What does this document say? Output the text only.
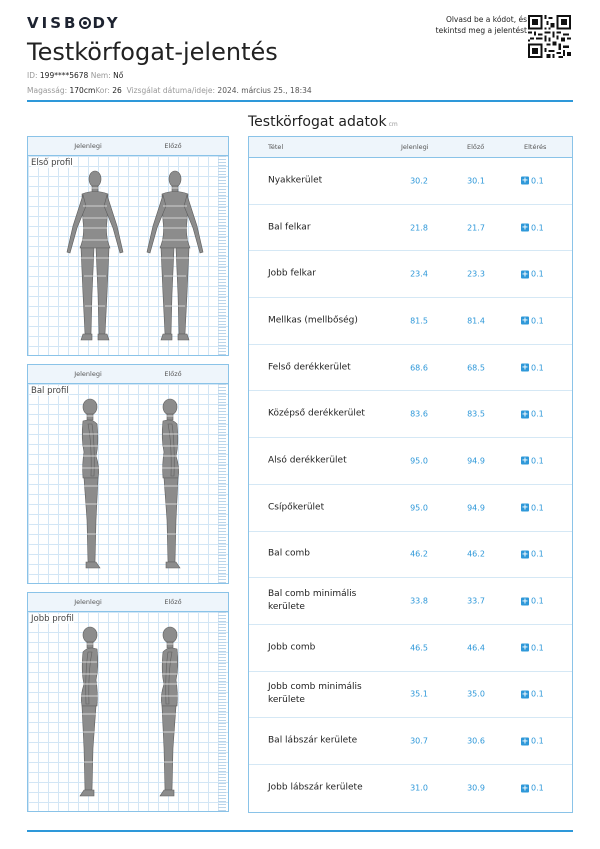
VISB DY
Testkörfogat-jelentés
ID: 199****5678 Nem: Nő
Magasság: 170cmKor: 26 Vizsgálat dátuma/ideje: 2024. március 25., 18:34
Olvasd be a kódot, és
tekintsd meg a jelentést
Jelenlegi	Előző
Első profil
Jelenlegi	Előző
Bal profil
Jelenlegi	Előző
Jobb profil
Testkörfogat adatok cm
Tétel	Jelenlegi	Előző	Eltérés
Nyakkerület	30.2	30.1	+ 0.1
Bal felkar	21.8	21.7	+ 0.1
Jobb felkar	23.4	23.3	+ 0.1
Mellkas (mellbőség)	81.5	81.4	+ 0.1
Felső derékkerület	68.6	68.5	+ 0.1
Középső derékkerület	83.6	83.5	+ 0.1
Alsó derékkerület	95.0	94.9	+ 0.1
Csípőkerület	95.0	94.9	+ 0.1
Bal comb	46.2	46.2	+ 0.1
Bal comb minimális kerülete
33.8	33.7	+ 0.1
Jobb comb	46.5	46.4	+ 0.1
Jobb comb minimális kerülete
35.1	35.0	+ 0.1
Bal lábszár kerülete	30.7	30.6	+ 0.1
Jobb lábszár kerülete	31.0	30.9	+ 0.1
